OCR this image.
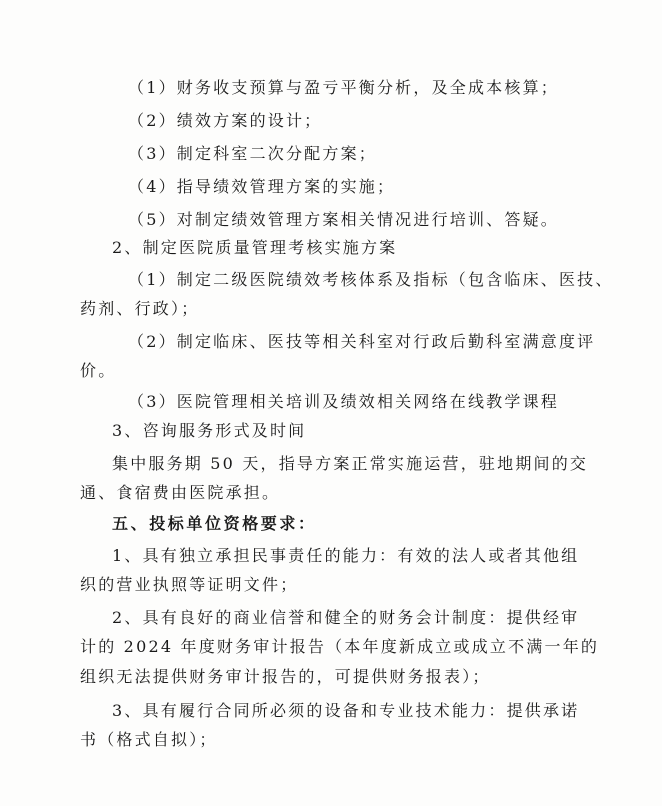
（1）财务收支预算与盈亏平衡分析，及全成本核算；
（2）绩效方案的设计；
（3）制定科室二次分配方案；
（4）指导绩效管理方案的实施；
（5）对制定绩效管理方案相关情况进行培训、答疑。
2、制定医院质量管理考核实施方案
（1）制定二级医院绩效考核体系及指标（包含临床、医技、
药剂、行政）；
（2）制定临床、医技等相关科室对行政后勤科室满意度评
价。
（3）医院管理相关培训及绩效相关网络在线教学课程
3、咨询服务形式及时间
集中服务期 50 天，指导方案正常实施运营，驻地期间的交
通、食宿费由医院承担。
五、投标单位资格要求：
1、具有独立承担民事责任的能力：有效的法人或者其他组
织的营业执照等证明文件；
2、具有良好的商业信誉和健全的财务会计制度：提供经审
计的 2024 年度财务审计报告（本年度新成立或成立不满一年的
组织无法提供财务审计报告的，可提供财务报表）；
3、具有履行合同所必须的设备和专业技术能力：提供承诺
书（格式自拟）；
